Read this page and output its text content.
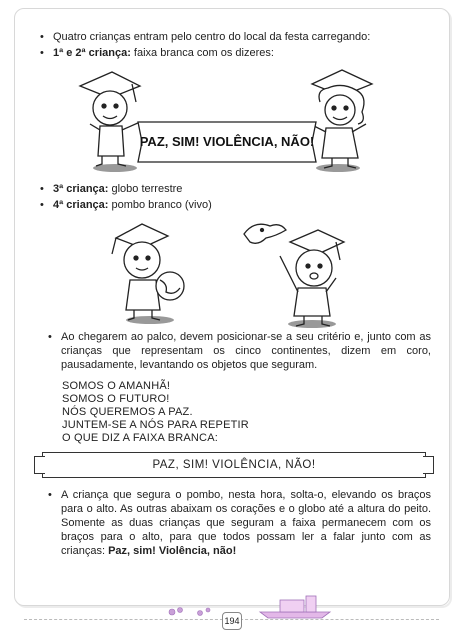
• Quatro crianças entram pelo centro do local da festa carregando:
• 1ª e 2ª criança: faixa branca com os dizeres:
PAZ, SIM! VIOLÊNCIA, NÃO!
• 3ª criança: globo terrestre
• 4ª criança: pombo branco (vivo)
• Ao chegarem ao palco, devem posicionar-se a seu critério e, junto com as crianças que representam os cinco continentes, dizem em coro, pausadamente, levantando os objetos que seguram.
SOMOS O AMANHÃ!
SOMOS O FUTURO!
NÓS QUEREMOS A PAZ.
JUNTEM-SE A NÓS PARA REPETIR
O QUE DIZ A FAIXA BRANCA:
PAZ, SIM! VIOLÊNCIA, NÃO!
• A criança que segura o pombo, nesta hora, solta-o, elevando os braços para o alto. As outras abaixam os corações e o globo até a altura do peito. Somente as duas crianças que seguram a faixa permanecem com os braços para o alto, para que todos possam ler a falar junto com as crianças: Paz, sim! Violência, não!
194
